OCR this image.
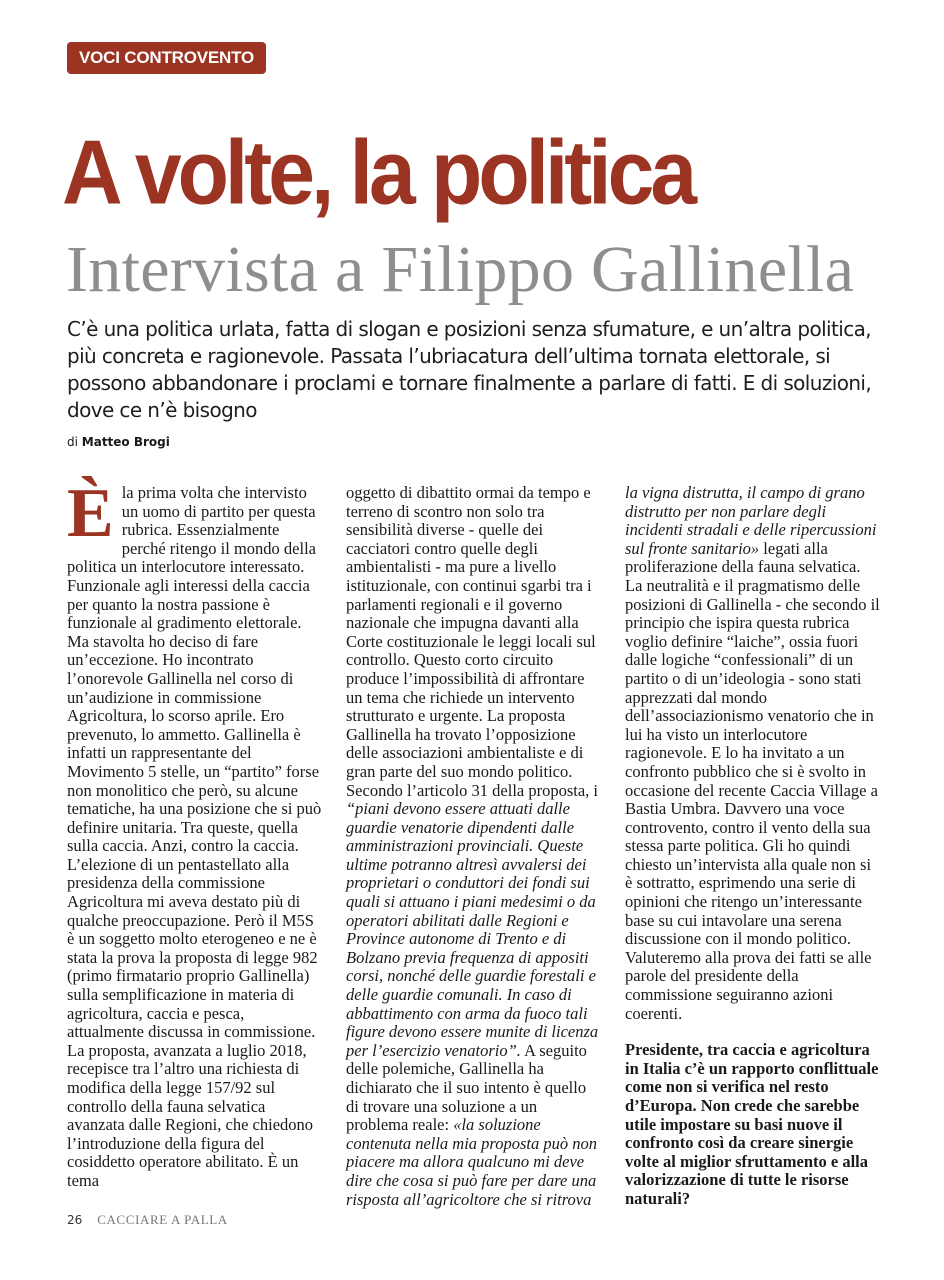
VOCI CONTROVENTO
A volte, la politica
Intervista a Filippo Gallinella

C’è una politica urlata, fatta di slogan e posizioni senza sfumature, e un’altra politica, più concreta e ragionevole. Passata l’ubriacatura dell’ultima tornata elettorale, si possono abbandonare i proclami e tornare finalmente a parlare di fatti. E di soluzioni, dove ce n’è bisogno

di Matteo Brogi

È la prima volta che intervisto un uomo di partito per questa rubrica. Essenzialmente perché ritengo il mondo della politica un interlocutore interessato. Funzionale agli interessi della caccia per quanto la nostra passione è funzionale al gradimento elettorale. Ma stavolta ho deciso di fare un’eccezione. Ho incontrato l’onorevole Gallinella nel corso di un’audizione in commissione Agricoltura, lo scorso aprile. Ero prevenuto, lo ammetto. Gallinella è infatti un rappresentante del Movimento 5 stelle, un “partito” forse non monolitico che però, su alcune tematiche, ha una posizione che si può definire unitaria. Tra queste, quella sulla caccia. Anzi, contro la caccia. L’elezione di un pentastellato alla presidenza della commissione Agricoltura mi aveva destato più di qualche preoccupazione. Però il M5S è un soggetto molto eterogeneo e ne è stata la prova la proposta di legge 982 (primo firmatario proprio Gallinella) sulla semplificazione in materia di agricoltura, caccia e pesca, attualmente discussa in commissione.

La proposta, avanzata a luglio 2018, recepisce tra l’altro una richiesta di modifica della legge 157/92 sul controllo della fauna selvatica avanzata dalle Regioni, che chiedono l’introduzione della figura del cosiddetto operatore abilitato. È un tema

oggetto di dibattito ormai da tempo e terreno di scontro non solo tra sensibilità diverse - quelle dei cacciatori contro quelle degli ambientalisti - ma pure a livello istituzionale, con continui sgarbi tra i parlamenti regionali e il governo nazionale che impugna davanti alla Corte costituzionale le leggi locali sul controllo. Questo corto circuito produce l’impossibilità di affrontare un tema che richiede un intervento strutturato e urgente. La proposta Gallinella ha trovato l’opposizione delle associazioni ambientaliste e di gran parte del suo mondo politico. Secondo l’articolo 31 della proposta, i “piani devono essere attuati dalle guardie venatorie dipendenti dalle amministrazioni provinciali. Queste ultime potranno altresì avvalersi dei proprietari o conduttori dei fondi sui quali si attuano i piani medesimi o da operatori abilitati dalle Regioni e Province autonome di Trento e di Bolzano previa frequenza di appositi corsi, nonché delle guardie forestali e delle guardie comunali. In caso di abbattimento con arma da fuoco tali figure devono essere munite di licenza per l’esercizio venatorio”. A seguito delle polemiche, Gallinella ha dichiarato che il suo intento è quello di trovare una soluzione a un problema reale: «la soluzione contenuta nella mia proposta può non piacere ma allora qualcuno mi deve dire che cosa si può fare per dare una risposta all’agricoltore che si ritrova

la vigna distrutta, il campo di grano distrutto per non parlare degli incidenti stradali e delle ripercussioni sul fronte sanitario» legati alla proliferazione della fauna selvatica.

La neutralità e il pragmatismo delle posizioni di Gallinella - che secondo il principio che ispira questa rubrica voglio definire “laiche”, ossia fuori dalle logiche “confessionali” di un partito o di un’ideologia - sono stati apprezzati dal mondo dell’associazionismo venatorio che in lui ha visto un interlocutore ragionevole. E lo ha invitato a un confronto pubblico che si è svolto in occasione del recente Caccia Village a Bastia Umbra. Davvero una voce controvento, contro il vento della sua stessa parte politica. Gli ho quindi chiesto un’intervista alla quale non si è sottratto, esprimendo una serie di opinioni che ritengo un’interessante base su cui intavolare una serena discussione con il mondo politico. Valuteremo alla prova dei fatti se alle parole del presidente della commissione seguiranno azioni coerenti.

Presidente, tra caccia e agricoltura in Italia c’è un rapporto conflittuale come non si verifica nel resto d’Europa. Non crede che sarebbe utile impostare su basi nuove il confronto così da creare sinergie volte al miglior sfruttamento e alla valorizzazione di tutte le risorse naturali?

26 CACCIARE A PALLA
